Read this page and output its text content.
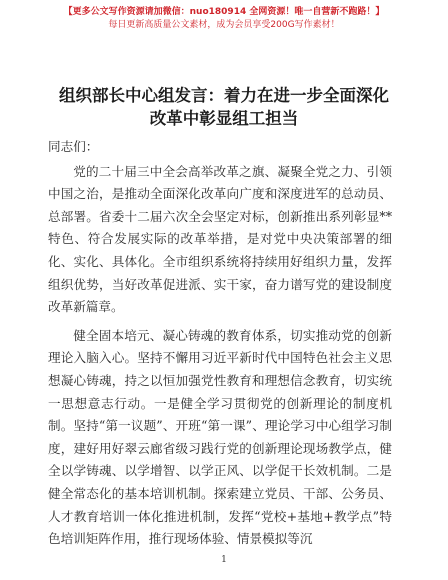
【更多公文写作资源请加微信：nuo180914 全网资源！唯一自营新不跑路！】
每日更新高质量公文素材，成为会员享受200G写作素材！
组织部长中心组发言：着力在进一步全面深化
改革中彰显组工担当

同志们：

党的二十届三中全会高举改革之旗、凝聚全党之力、引领中国之治，是推动全面深化改革向广度和深度进军的总动员、总部署。省委十二届六次全会坚定对标，创新推出系列彰显**特色、符合发展实际的改革举措，是对党中央决策部署的细化、实化、具体化。全市组织系统将持续用好组织力量，发挥组织优势，当好改革促进派、实干家，奋力谱写党的建设制度改革新篇章。

健全固本培元、凝心铸魂的教育体系，切实推动党的创新理论入脑入心。坚持不懈用习近平新时代中国特色社会主义思想凝心铸魂，持之以恒加强党性教育和理想信念教育，切实统一思想意志行动。一是健全学习贯彻党的创新理论的制度机制。坚持“第一议题”、开班“第一课”、理论学习中心组学习制度，建好用好翠云廊省级习践行党的创新理论现场教学点，健全以学铸魂、以学增智、以学正风、以学促干长效机制。二是健全常态化的基本培训机制。探索建立党员、干部、公务员、人才教育培训一体化推进机制，发挥“党校+基地+教学点”特色培训矩阵作用，推行现场体验、情景模拟等沉

1
